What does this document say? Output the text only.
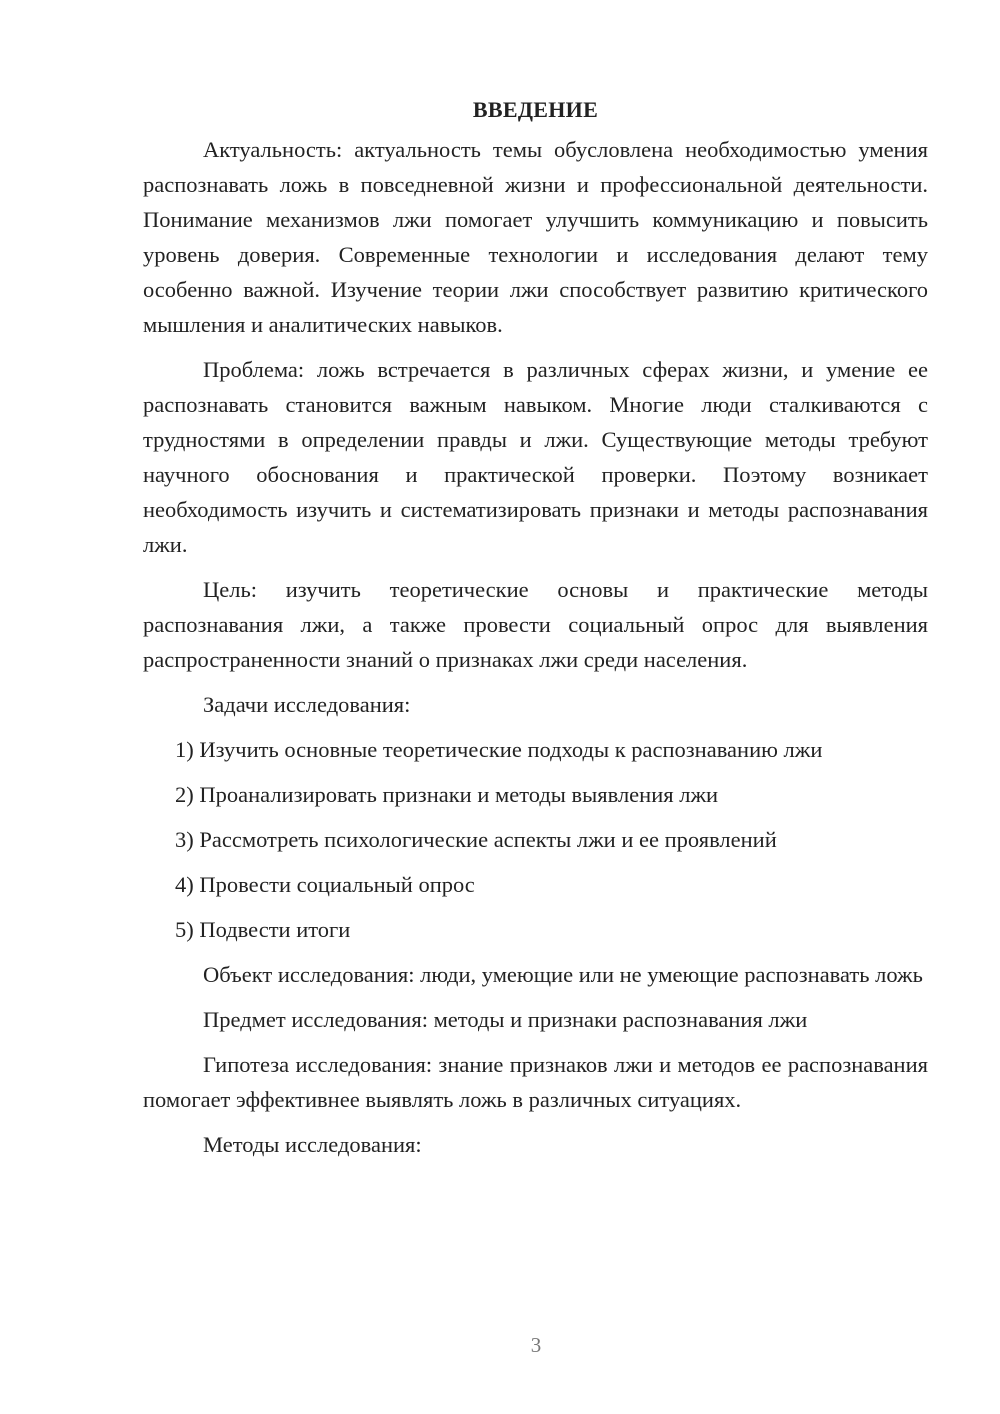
ВВЕДЕНИЕ

Актуальность: актуальность темы обусловлена необходимостью умения распознавать ложь в повседневной жизни и профессиональной деятельности. Понимание механизмов лжи помогает улучшить коммуникацию и повысить уровень доверия. Современные технологии и исследования делают тему особенно важной. Изучение теории лжи способствует развитию критического мышления и аналитических навыков.

Проблема: ложь встречается в различных сферах жизни, и умение ее распознавать становится важным навыком. Многие люди сталкиваются с трудностями в определении правды и лжи. Существующие методы требуют научного обоснования и практической проверки. Поэтому возникает необходимость изучить и систематизировать признаки и методы распознавания лжи.

Цель: изучить теоретические основы и практические методы распознавания лжи, а также провести социальный опрос для выявления распространенности знаний о признаках лжи среди населения.

Задачи исследования:

1) Изучить основные теоретические подходы к распознаванию лжи
2) Проанализировать признаки и методы выявления лжи
3) Рассмотреть психологические аспекты лжи и ее проявлений
4) Провести социальный опрос
5) Подвести итоги

Объект исследования: люди, умеющие или не умеющие распознавать ложь

Предмет исследования: методы и признаки распознавания лжи

Гипотеза исследования: знание признаков лжи и методов ее распознавания помогает эффективнее выявлять ложь в различных ситуациях.

Методы исследования:

3
